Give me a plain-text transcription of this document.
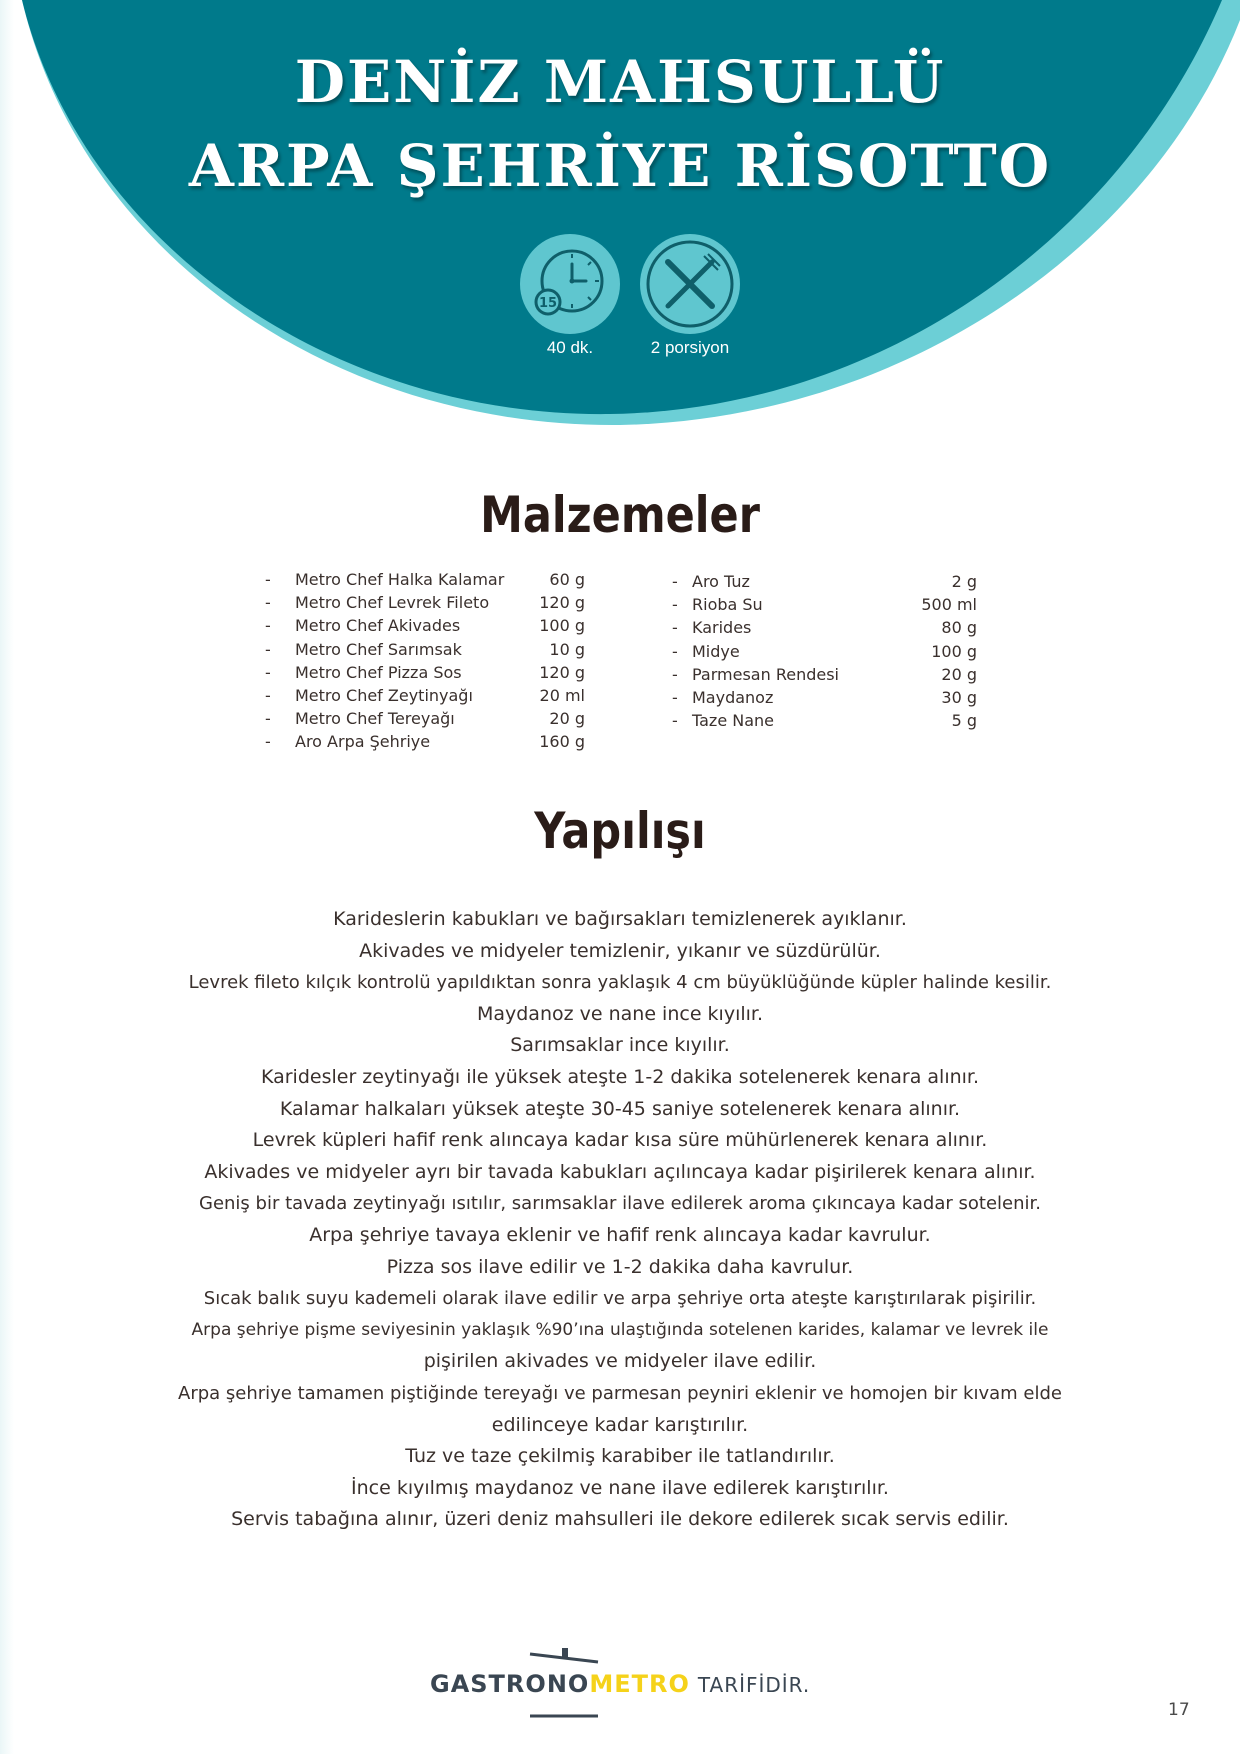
DENİZ MAHSULLÜ
ARPA ŞEHRİYE RİSOTTO
15
40 dk.	2 porsiyon
Malzemeler
- Metro Chef Halka Kalamar	60 g
- Metro Chef Levrek Fileto	120 g
- Metro Chef Akivades	100 g
- Metro Chef Sarımsak	10 g
- Metro Chef Pizza Sos	120 g
- Metro Chef Zeytinyağı	20 ml
- Metro Chef Tereyağı	20 g
- Aro Arpa Şehriye	160 g
- Aro Tuz	2 g
- Rioba Su	500 ml
- Karides	80 g
- Midye	100 g
- Parmesan Rendesi	20 g
- Maydanoz	30 g
- Taze Nane	5 g
Yapılışı

Karideslerin kabukları ve bağırsakları temizlenerek ayıklanır.

Akivades ve midyeler temizlenir, yıkanır ve süzdürülür.

Levrek fileto kılçık kontrolü yapıldıktan sonra yaklaşık 4 cm büyüklüğünde küpler halinde kesilir.

Maydanoz ve nane ince kıyılır.

Sarımsaklar ince kıyılır.

Karidesler zeytinyağı ile yüksek ateşte 1-2 dakika sotelenerek kenara alınır.

Kalamar halkaları yüksek ateşte 30-45 saniye sotelenerek kenara alınır.

Levrek küpleri hafif renk alıncaya kadar kısa süre mühürlenerek kenara alınır.

Akivades ve midyeler ayrı bir tavada kabukları açılıncaya kadar pişirilerek kenara alınır.

Geniş bir tavada zeytinyağı ısıtılır, sarımsaklar ilave edilerek aroma çıkıncaya kadar sotelenir.

Arpa şehriye tavaya eklenir ve hafif renk alıncaya kadar kavrulur.

Pizza sos ilave edilir ve 1-2 dakika daha kavrulur.

Sıcak balık suyu kademeli olarak ilave edilir ve arpa şehriye orta ateşte karıştırılarak pişirilir.

Arpa şehriye pişme seviyesinin yaklaşık %90’ına ulaştığında sotelenen karides, kalamar ve levrek ile

pişirilen akivades ve midyeler ilave edilir.

Arpa şehriye tamamen piştiğinde tereyağı ve parmesan peyniri eklenir ve homojen bir kıvam elde

edilinceye kadar karıştırılır.

Tuz ve taze çekilmiş karabiber ile tatlandırılır.

İnce kıyılmış maydanoz ve nane ilave edilerek karıştırılır.

Servis tabağına alınır, üzeri deniz mahsulleri ile dekore edilerek sıcak servis edilir.

GASTRONOMETRO TARİFİDİR.
17
